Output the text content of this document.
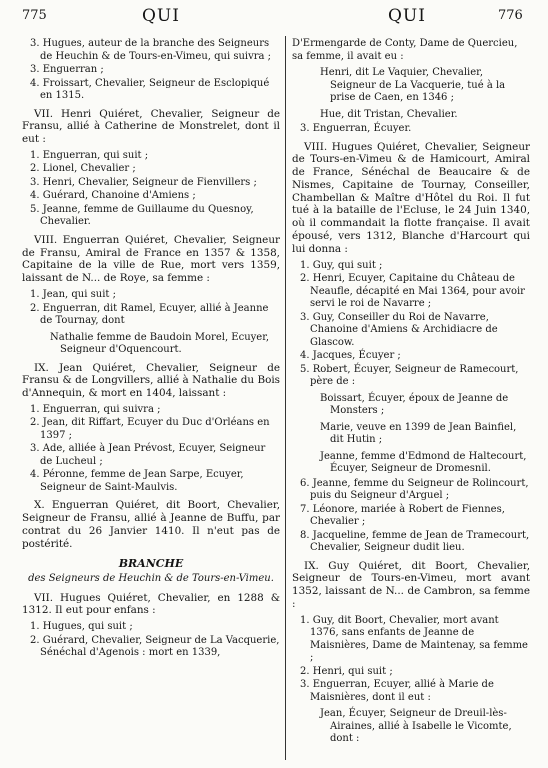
775	QUI	QUI	776

3. Hugues, auteur de la branche des Seigneurs de Heuchin & de Tours-en-Vimeu, qui suivra ;

3. Enguerran ;

4. Froissart, Chevalier, Seigneur de Esclopiqué en 1315.

VII. Henri Quiéret, Chevalier, Seigneur de Fransu, allié à Catherine de Monstrelet, dont il eut :

1. Enguerran, qui suit ;

2. Lionel, Chevalier ;

3. Henri, Chevalier, Seigneur de Fienvillers ;

4. Guérard, Chanoine d'Amiens ;

5. Jeanne, femme de Guillaume du Quesnoy, Chevalier.

VIII. Enguerran Quiéret, Chevalier, Seigneur de Fransu, Amiral de France en 1357 & 1358, Capitaine de la ville de Rue, mort vers 1359, laissant de N... de Roye, sa femme :

1. Jean, qui suit ;

2. Enguerran, dit Ramel, Ecuyer, allié à Jeanne de Tournay, dont

Nathalie femme de Baudoin Morel, Ecuyer, Seigneur d'Oquencourt.

IX. Jean Quiéret, Chevalier, Seigneur de Fransu & de Longvillers, allié à Nathalie du Bois d'Annequin, & mort en 1404, laissant :

1. Enguerran, qui suivra ;

2. Jean, dit Riffart, Ecuyer du Duc d'Orléans en 1397 ;

3. Ade, alliée à Jean Prévost, Ecuyer, Seigneur de Lucheul ;

4. Péronne, femme de Jean Sarpe, Ecuyer, Seigneur de Saint-Maulvis.

X. Enguerran Quiéret, dit Boort, Chevalier, Seigneur de Fransu, allié à Jeanne de Buffu, par contrat du 26 Janvier 1410. Il n'eut pas de postérité.

BRANCHE

des Seigneurs de Heuchin & de Tours-en-Vimeu.

VII. Hugues Quiéret, Chevalier, en 1288 & 1312. Il eut pour enfans :

1. Hugues, qui suit ;

2. Guérard, Chevalier, Seigneur de La Vacquerie, Sénéchal d'Agenois : mort en 1339,

D'Ermengarde de Conty, Dame de Quercieu, sa femme, il avait eu :

Henri, dit Le Vaquier, Chevalier, Seigneur de La Vacquerie, tué à la prise de Caen, en 1346 ;

Hue, dit Tristan, Chevalier.

3. Enguerran, Écuyer.

VIII. Hugues Quiéret, Chevalier, Seigneur de Tours-en-Vimeu & de Hamicourt, Amiral de France, Sénéchal de Beaucaire & de Nismes, Capitaine de Tournay, Conseiller, Chambellan & Maître d'Hôtel du Roi. Il fut tué à la bataille de l'Ecluse, le 24 Juin 1340, où il commandait la flotte française. Il avait épousé, vers 1312, Blanche d'Harcourt qui lui donna :

1. Guy, qui suit ;

2. Henri, Ecuyer, Capitaine du Château de Neaufle, décapité en Mai 1364, pour avoir servi le roi de Navarre ;

3. Guy, Conseiller du Roi de Navarre, Chanoine d'Amiens & Archidiacre de Glascow.

4. Jacques, Écuyer ;

5. Robert, Écuyer, Seigneur de Ramecourt, père de :

Boissart, Écuyer, époux de Jeanne de Monsters ;

Marie, veuve en 1399 de Jean Bainfiel, dit Hutin ;

Jeanne, femme d'Edmond de Haltecourt, Écuyer, Seigneur de Dromesnil.

6. Jeanne, femme du Seigneur de Rolincourt, puis du Seigneur d'Arguel ;

7. Léonore, mariée à Robert de Fiennes, Chevalier ;

8. Jacqueline, femme de Jean de Tramecourt, Chevalier, Seigneur dudit lieu.

IX. Guy Quiéret, dit Boort, Chevalier, Seigneur de Tours-en-Vimeu, mort avant 1352, laissant de N... de Cambron, sa femme :

1. Guy, dit Boort, Chevalier, mort avant 1376, sans enfants de Jeanne de Maisnières, Dame de Maintenay, sa femme ;

2. Henri, qui suit ;

3. Enguerran, Ecuyer, allié à Marie de Maisnières, dont il eut :

Jean, Écuyer, Seigneur de Dreuil-lès-Airaines, allié à Isabelle le Vicomte, dont :
